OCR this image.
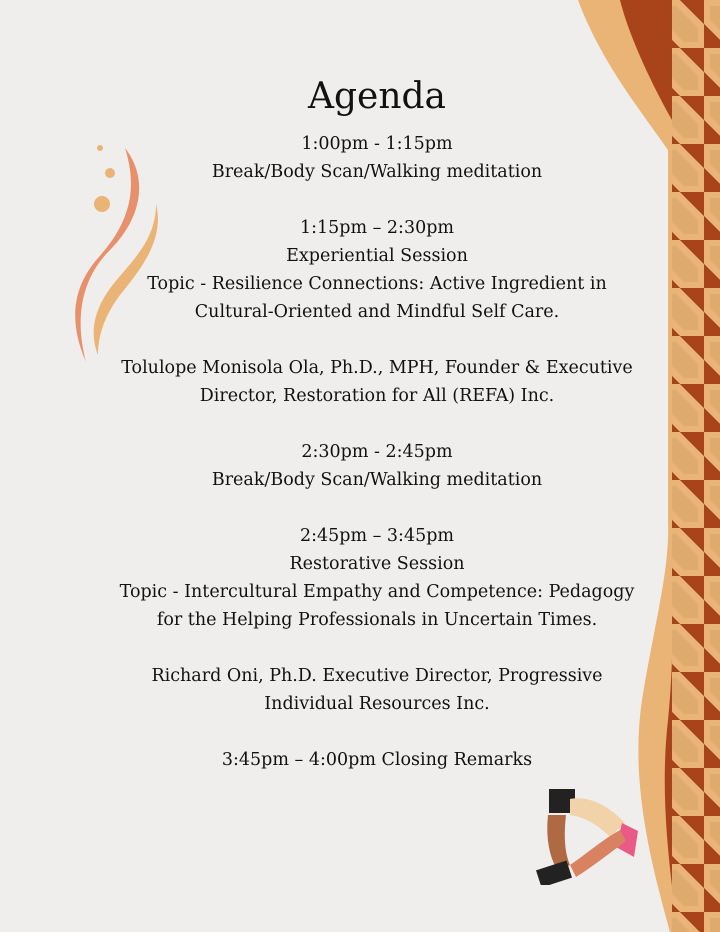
Agenda
1:00pm - 1:15pm
Break/Body Scan/Walking meditation
1:15pm – 2:30pm
Experiential Session
Topic - Resilience Connections: Active Ingredient in
Cultural-Oriented and Mindful Self Care.
Tolulope Monisola Ola, Ph.D., MPH, Founder & Executive
Director, Restoration for All (REFA) Inc.
2:30pm - 2:45pm
Break/Body Scan/Walking meditation
2:45pm – 3:45pm
Restorative Session
Topic - Intercultural Empathy and Competence: Pedagogy
for the Helping Professionals in Uncertain Times.
Richard Oni, Ph.D. Executive Director, Progressive
Individual Resources Inc.
3:45pm – 4:00pm Closing Remarks
